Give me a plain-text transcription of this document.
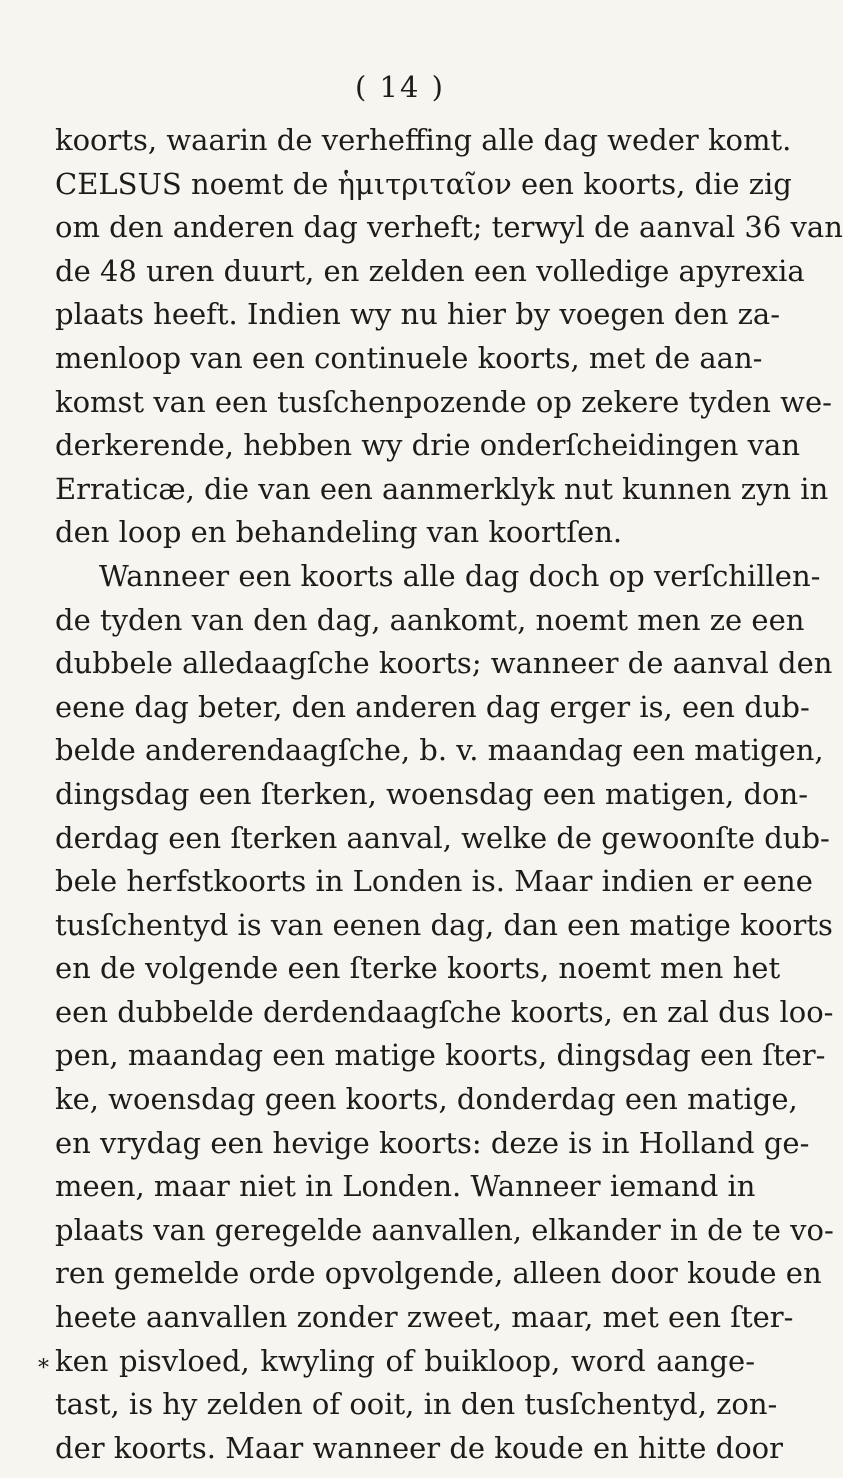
( 14 )
*
koorts, waarin de verheffing alle dag weder komt.
CELSUS noemt de ἡμιτριταῖον een koorts, die zig
om den anderen dag verheft; terwyl de aanval 36 van
de 48 uren duurt, en zelden een volledige apyrexia
plaats heeft. Indien wy nu hier by voegen den za-
menloop van een continuele koorts, met de aan-
komst van een tusſchenpozende op zekere tyden we-
derkerende, hebben wy drie onderſcheidingen van
Erraticæ, die van een aanmerklyk nut kunnen zyn in
den loop en behandeling van koortſen.
Wanneer een koorts alle dag doch op verſchillen-
de tyden van den dag, aankomt, noemt men ze een
dubbele alledaagſche koorts; wanneer de aanval den
eene dag beter, den anderen dag erger is, een dub-
belde anderendaagſche, b. v. maandag een matigen,
dingsdag een ſterken, woensdag een matigen, don-
derdag een ſterken aanval, welke de gewoonſte dub-
bele herfstkoorts in Londen is. Maar indien er eene
tusſchentyd is van eenen dag, dan een matige koorts
en de volgende een ſterke koorts, noemt men het
een dubbelde derdendaagſche koorts, en zal dus loo-
pen, maandag een matige koorts, dingsdag een ſter-
ke, woensdag geen koorts, donderdag een matige,
en vrydag een hevige koorts: deze is in Holland ge-
meen, maar niet in Londen. Wanneer iemand in
plaats van geregelde aanvallen, elkander in de te vo-
ren gemelde orde opvolgende, alleen door koude en
heete aanvallen zonder zweet, maar, met een ſter-
ken pisvloed, kwyling of buikloop, word aange-
tast, is hy zelden of ooit, in den tusſchentyd, zon-
der koorts. Maar wanneer de koude en hitte door
